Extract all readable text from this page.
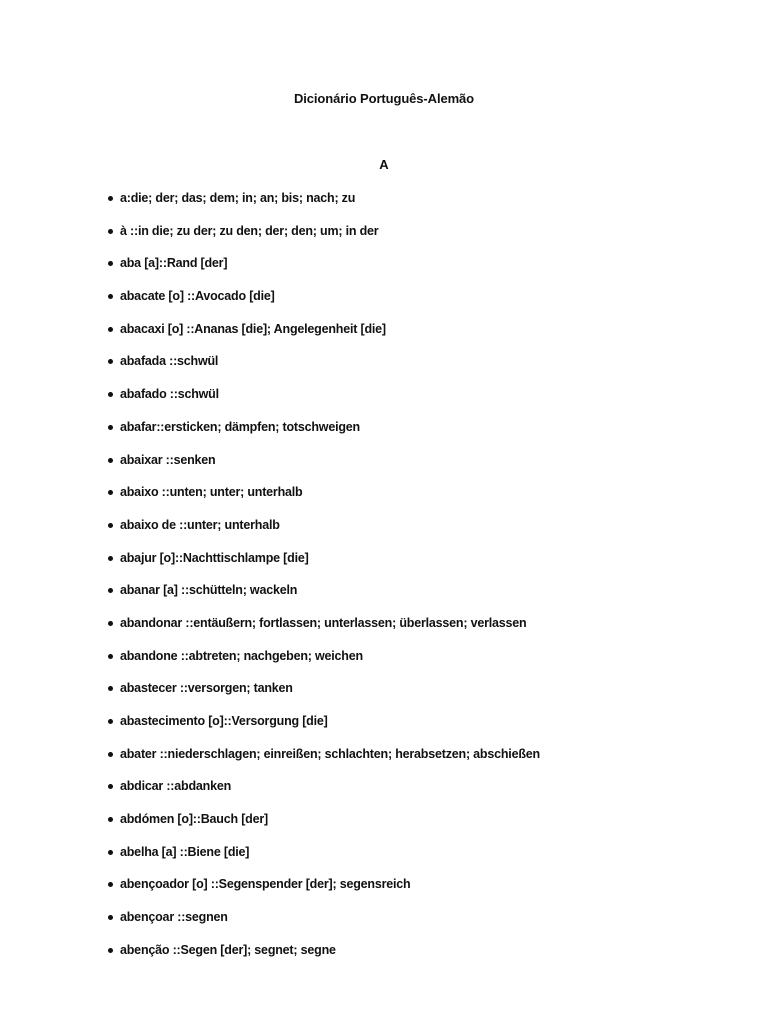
Dicionário Português-Alemão
A
a:die; der; das; dem; in; an; bis; nach; zu
à ::in die; zu der; zu den; der; den; um; in der
aba [a]::Rand [der]
abacate [o] ::Avocado [die]
abacaxi [o] ::Ananas [die]; Angelegenheit [die]
abafada ::schwül
abafado ::schwül
abafar::ersticken; dämpfen; totschweigen
abaixar ::senken
abaixo ::unten; unter; unterhalb
abaixo de ::unter; unterhalb
abajur [o]::Nachttischlampe [die]
abanar [a] ::schütteln; wackeln
abandonar ::entäußern; fortlassen; unterlassen; überlassen; verlassen
abandone ::abtreten; nachgeben; weichen
abastecer ::versorgen; tanken
abastecimento [o]::Versorgung [die]
abater ::niederschlagen; einreißen; schlachten; herabsetzen; abschießen
abdicar ::abdanken
abdómen [o]::Bauch [der]
abelha [a] ::Biene [die]
abençoador [o] ::Segenspender [der]; segensreich
abençoar ::segnen
abenção ::Segen [der]; segnet; segne
